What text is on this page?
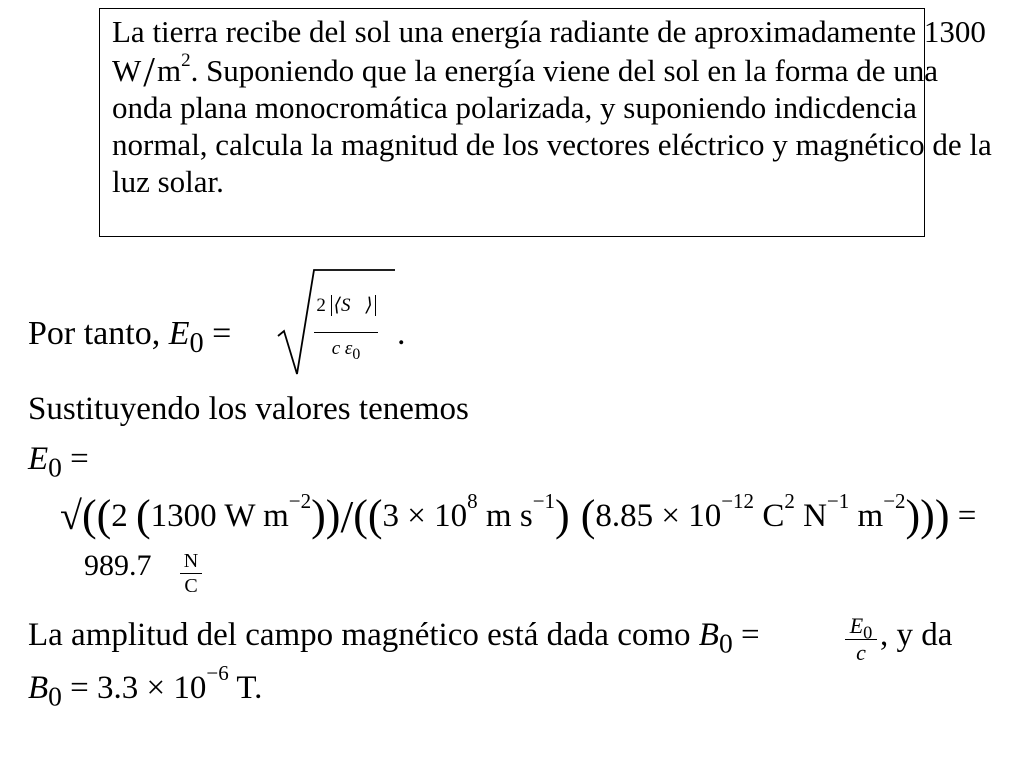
La tierra recibe del sol una energía radiante de aproximadamente 1300
$W/m^2$. Suponiendo que la energía viene del sol en la forma de una
onda plana monocromática polarizada, y suponiendo indicdencia
normal, calcula la magnitud de los vectores eléctrico y magnético de la
luz solar.
Por tanto, $E_0$ =
2 ⟨S⃗⟩
c $\varepsilon_0$
.
Sustituyendo los valores tenemos
$E_0$ =
√((2 (1300 W $m^{-2}))/((3 \times 10^8$ m $s^{-1}$) ($8.85 \times 10^{-12}$ $C^2$ $N^{-1}$ $m^{-2}$))) =
989.7 N
C
La amplitud del campo magnético está dada como $B_0$ =	$E_0$
c , y da
$B_0 = 3.3 \times 10^{-6}$ T.
